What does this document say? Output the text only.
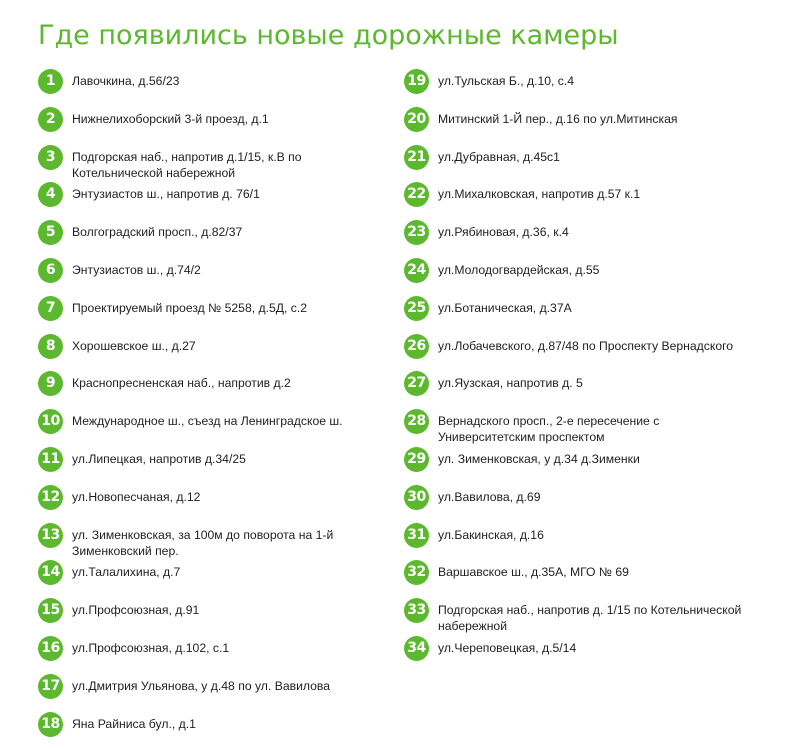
Где появились новые дорожные камеры
1	Лавочкина, д.56/23
2	Нижнелихоборский 3-й проезд, д.1
3	Подгорская наб., напротив д.1/15, к.В по Котельнической набережной
4	Энтузиастов ш., напротив д. 76/1
5	Волгоградский просп., д.82/37
6	Энтузиастов ш., д.74/2
7	Проектируемый проезд № 5258, д.5Д, с.2
8	Хорошевское ш., д.27
9	Краснопресненская наб., напротив д.2
10 Международное ш., съезд на Ленинградское ш.
11 ул.Липецкая, напротив д.34/25
12 ул.Новопесчаная, д.12
13 ул. Зименковская, за 100м до поворота на 1-й Зименковский пер.
14 ул.Талалихина, д.7
15 ул.Профсоюзная, д.91
16 ул.Профсоюзная, д.102, с.1
17 ул.Дмитрия Ульянова, у д.48 по ул. Вавилова
18 Яна Райниса бул., д.1
19 ул.Тульская Б., д.10, с.4
20 Митинский 1-Й пер., д.16 по ул.Митинская
21 ул.Дубравная, д.45с1
22 ул.Михалковская, напротив д.57 к.1
23 ул.Рябиновая, д.36, к.4
24 ул.Молодогвардейская, д.55
25 ул.Ботаническая, д.37А
26 ул.Лобачевского, д.87/48 по Проспекту Вернадского
27 ул.Яузская, напротив д. 5
28 Вернадского просп., 2-е пересечение с Университетским проспектом
29 ул. Зименковская, у д.34 д.Зименки
30 ул.Вавилова, д.69
31 ул.Бакинская, д.16
32 Варшавское ш., д.35А, МГО № 69
33 Подгорская наб., напротив д. 1/15 по Котельнической набережной
34 ул.Череповецкая, д.5/14
